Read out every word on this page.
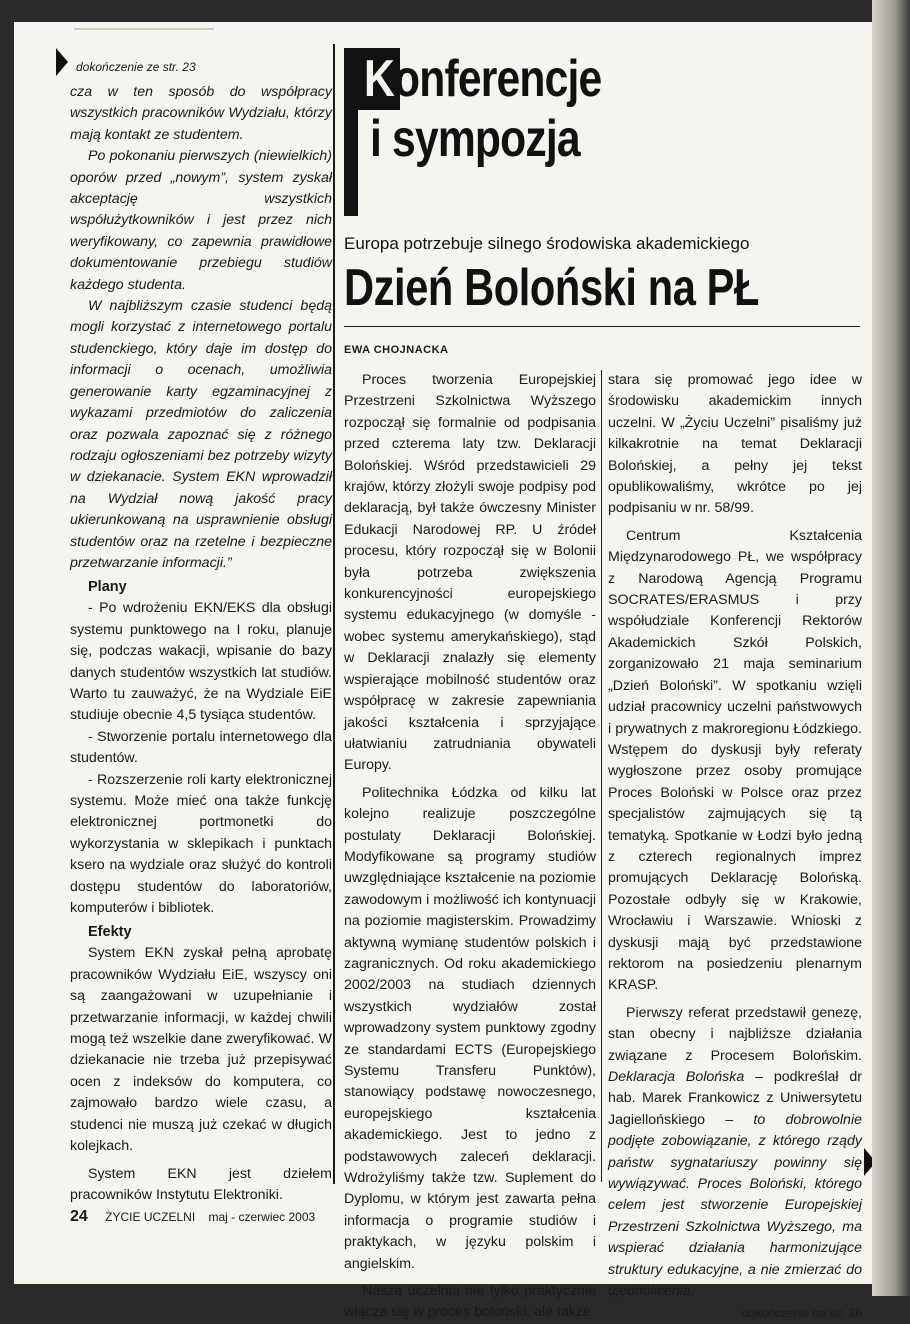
dokończenie ze str. 23

cza w ten sposób do współpracy wszystkich pracowników Wydziału, którzy mają kontakt ze studentem.

Po pokonaniu pierwszych (niewielkich) oporów przed „nowym”, system zyskał akceptację wszystkich współużytkowników i jest przez nich weryfikowany, co zapewnia prawidłowe dokumentowanie przebiegu studiów każdego studenta.

W najbliższym czasie studenci będą mogli korzystać z internetowego portalu studenckiego, który daje im dostęp do informacji o ocenach, umożliwia generowanie karty egzaminacyjnej z wykazami przedmiotów do zaliczenia oraz pozwala zapoznać się z różnego rodzaju ogłoszeniami bez potrzeby wizyty w dziekanacie. System EKN wprowadził na Wydział nową jakość pracy ukierunkowaną na usprawnienie obsługi studentów oraz na rzetelne i bezpieczne przetwarzanie informacji.”

Plany

- Po wdrożeniu EKN/EKS dla obsługi systemu punktowego na I roku, planuje się, podczas wakacji, wpisanie do bazy danych studentów wszystkich lat studiów. Warto tu zauważyć, że na Wydziale EiE studiuje obecnie 4,5 tysiąca studentów.

- Stworzenie portalu internetowego dla studentów.

- Rozszerzenie roli karty elektronicznej systemu. Może mieć ona także funkcję elektronicznej portmonetki do wykorzystania w sklepikach i punktach ksero na wydziale oraz służyć do kontroli dostępu studentów do laboratoriów, komputerów i bibliotek.

Efekty

System EKN zyskał pełną aprobatę pracowników Wydziału EiE, wszyscy oni są zaangażowani w uzupełnianie i przetwarzanie informacji, w każdej chwili mogą też wszelkie dane zweryfikować. W dziekanacie nie trzeba już przepisywać ocen z indeksów do komputera, co zajmowało bardzo wiele czasu, a studenci nie muszą już czekać w długich kolejkach.

System EKN jest dziełem pracowników Instytutu Elektroniki.

K onferencje
i sympozja
Europa potrzebuje silnego środowiska akademickiego
Dzień Boloński na PŁ
EWA CHOJNACKA

Proces tworzenia Europejskiej Przestrzeni Szkolnictwa Wyższego rozpoczął się formalnie od podpisania przed czterema laty tzw. Deklaracji Bolońskiej. Wśród przedstawicieli 29 krajów, którzy złożyli swoje podpisy pod deklaracją, był także ówczesny Minister Edukacji Narodowej RP. U źródeł procesu, który rozpoczął się w Bolonii była potrzeba zwiększenia konkurencyjności europejskiego systemu edukacyjnego (w domyśle - wobec systemu amerykańskiego), stąd w Deklaracji znalazły się elementy wspierające mobilność studentów oraz współpracę w zakresie zapewniania jakości kształcenia i sprzyjające ułatwianiu zatrudniania obywateli Europy.

Politechnika Łódzka od kilku lat kolejno realizuje poszczególne postulaty Deklaracji Bolońskiej. Modyfikowane są programy studiów uwzględniające kształcenie na poziomie zawodowym i możliwość ich kontynuacji na poziomie magisterskim. Prowadzimy aktywną wymianę studentów polskich i zagranicznych. Od roku akademickiego 2002/2003 na studiach dziennych wszystkich wydziałów został wprowadzony system punktowy zgodny ze standardami ECTS (Europejskiego Systemu Transferu Punktów), stanowiący podstawę nowoczesnego, europejskiego kształcenia akademickiego. Jest to jedno z podstawowych zaleceń deklaracji. Wdrożyliśmy także tzw. Suplement do Dyplomu, w którym jest zawarta pełna informacja o programie studiów i praktykach, w języku polskim i angielskim.

Nasza uczelnia nie tylko praktycznie włącza się w proces boloński, ale także

stara się promować jego idee w środowisku akademickim innych uczelni. W „Życiu Uczelni” pisaliśmy już kilkakrotnie na temat Deklaracji Bolońskiej, a pełny jej tekst opublikowaliśmy, wkrótce po jej podpisaniu w nr. 58/99.

Centrum Kształcenia Międzynarodowego PŁ, we współpracy z Narodową Agencją Programu SOCRATES/ERASMUS i przy współudziale Konferencji Rektorów Akademickich Szkół Polskich, zorganizowało 21 maja seminarium „Dzień Boloński”. W spotkaniu wzięli udział pracownicy uczelni państwowych i prywatnych z makroregionu Łódzkiego. Wstępem do dyskusji były referaty wygłoszone przez osoby promujące Proces Boloński w Polsce oraz przez specjalistów zajmujących się tą tematyką. Spotkanie w Łodzi było jedną z czterech regionalnych imprez promujących Deklarację Bolońską. Pozostałe odbyły się w Krakowie, Wrocławiu i Warszawie. Wnioski z dyskusji mają być przedstawione rektorom na posiedzeniu plenarnym KRASP.

Pierwszy referat przedstawił genezę, stan obecny i najbliższe działania związane z Procesem Bolońskim. Deklaracja Bolońska – podkreślał dr hab. Marek Frankowicz z Uniwersytetu Jagiellońskiego – to dobrowolnie podjęte zobowiązanie, z którego rządy państw sygnatariuszy powinny się wywiązywać. Proces Boloński, którego celem jest stworzenie Europejskiej Przestrzeni Szkolnictwa Wyższego, ma wspierać działania harmonizujące struktury edukacyjne, a nie zmierzać do ujednolicenia.

dokończenie na str. 26
24 ŻYCIE UCZELNI maj - czerwiec 2003
